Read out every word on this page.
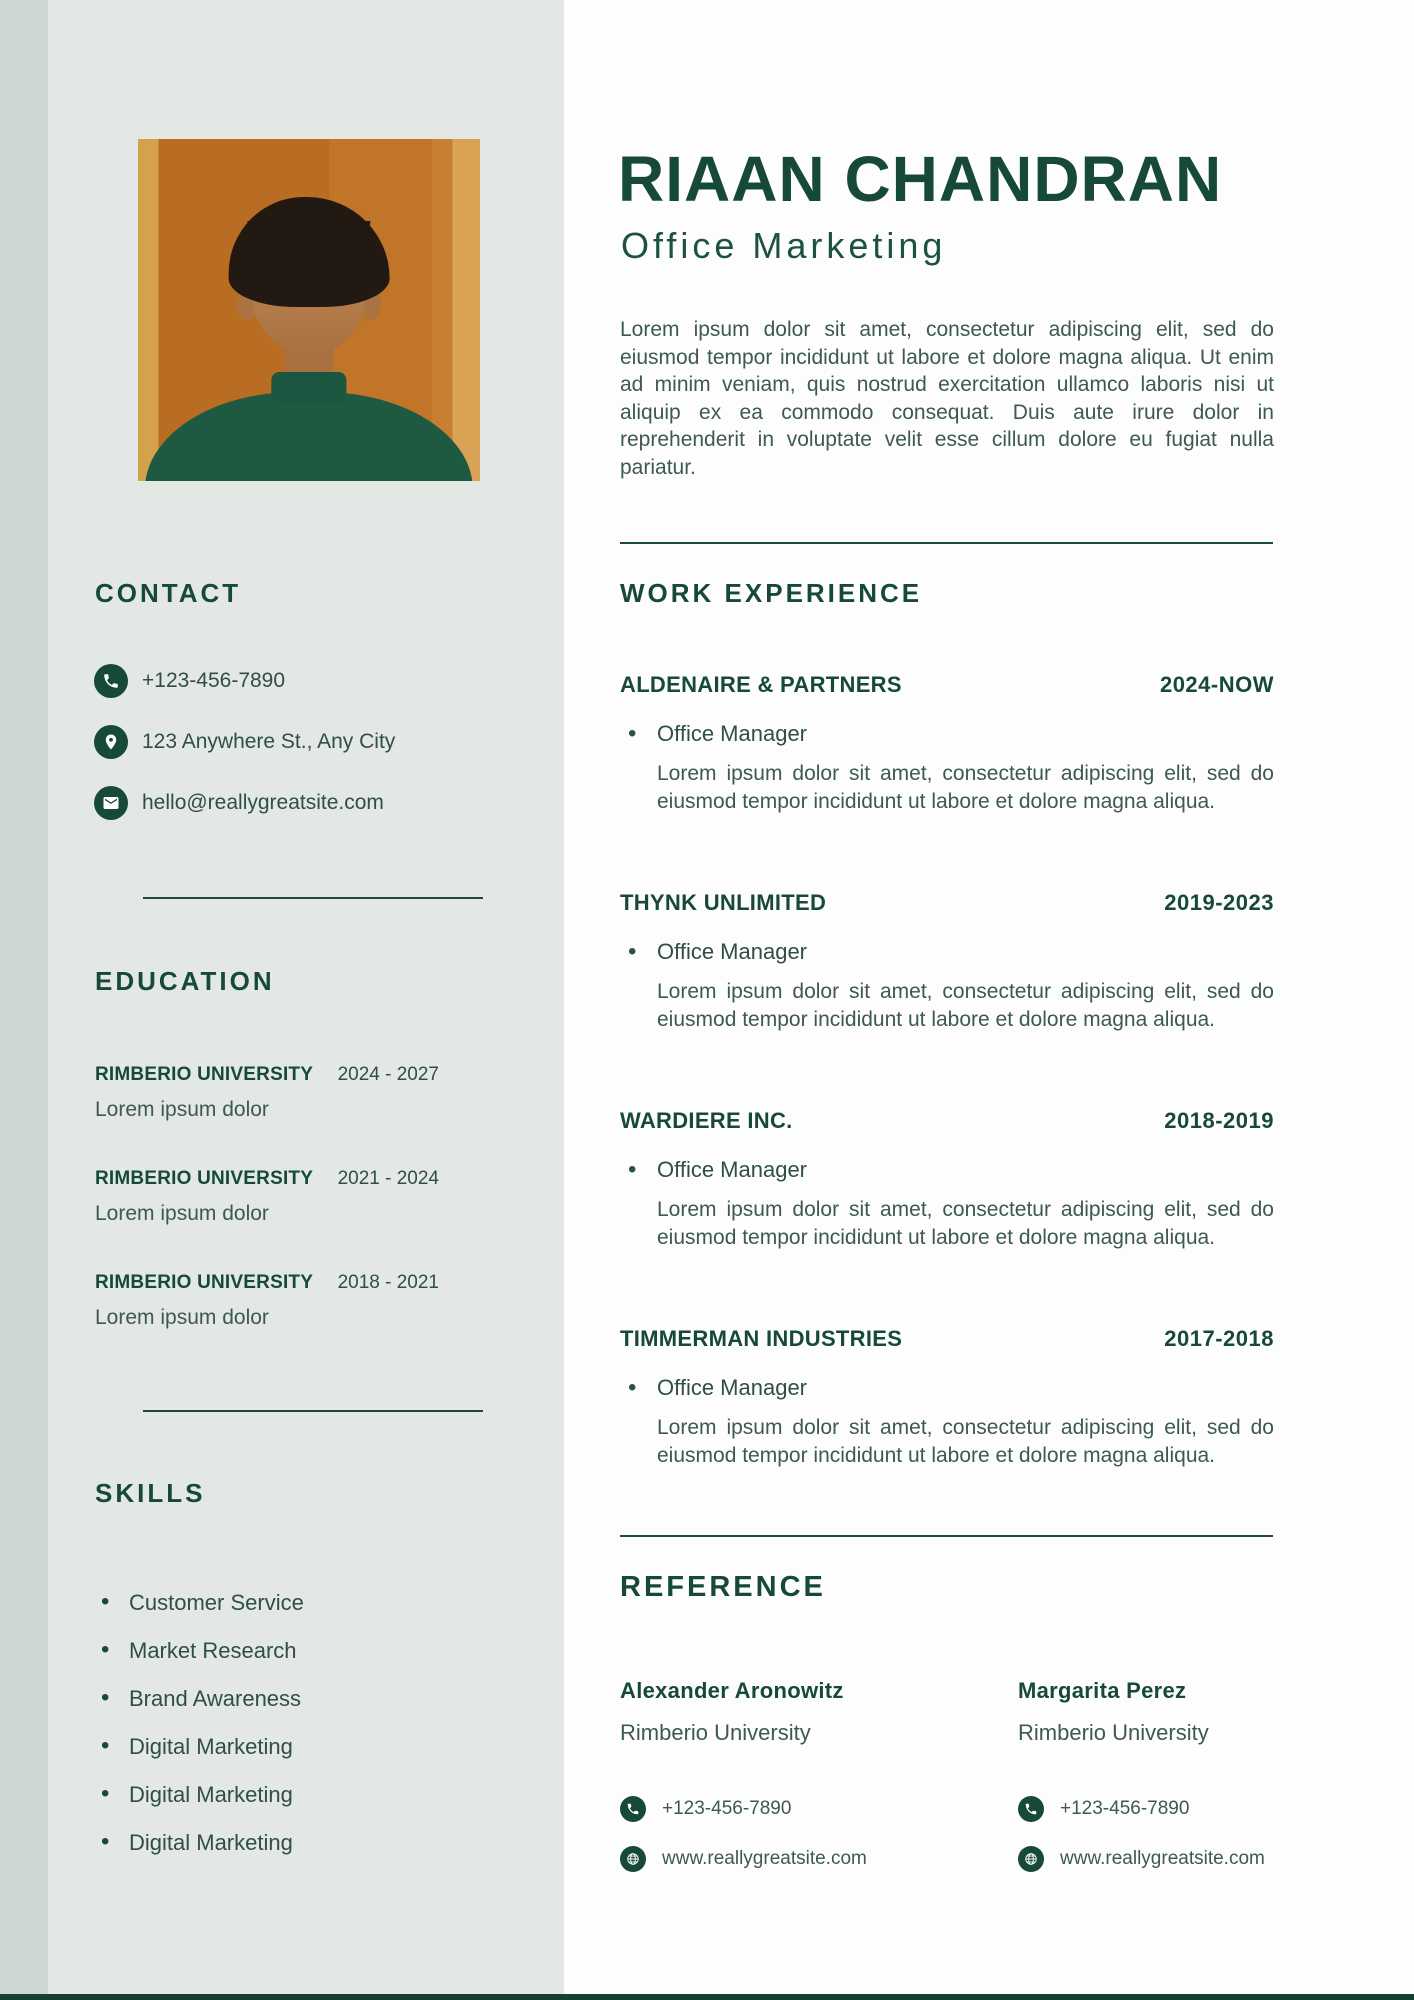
CONTACT
+123-456-7890
123 Anywhere St., Any City
hello@reallygreatsite.com
EDUCATION
RIMBERIO UNIVERSITY 2024 - 2027
Lorem ipsum dolor
RIMBERIO UNIVERSITY 2021 - 2024
Lorem ipsum dolor
RIMBERIO UNIVERSITY 2018 - 2021
Lorem ipsum dolor
SKILLS
• Customer Service
• Market Research
• Brand Awareness
• Digital Marketing
• Digital Marketing
• Digital Marketing
RIAAN CHANDRAN
Office Marketing
Lorem ipsum dolor sit amet, consectetur adipiscing elit, sed do eiusmod tempor incididunt ut labore et dolore magna aliqua. Ut enim ad minim veniam, quis nostrud exercitation ullamco laboris nisi ut aliquip ex ea commodo consequat. Duis aute irure dolor in reprehenderit in voluptate velit esse cillum dolore eu fugiat nulla pariatur.
WORK EXPERIENCE
ALDENAIRE & PARTNERS	2024-NOW
• Office Manager
Lorem ipsum dolor sit amet, consectetur adipiscing elit, sed do eiusmod tempor incididunt ut labore et dolore magna aliqua.
THYNK UNLIMITED	2019-2023
• Office Manager
Lorem ipsum dolor sit amet, consectetur adipiscing elit, sed do eiusmod tempor incididunt ut labore et dolore magna aliqua.
WARDIERE INC.	2018-2019
• Office Manager
Lorem ipsum dolor sit amet, consectetur adipiscing elit, sed do eiusmod tempor incididunt ut labore et dolore magna aliqua.
TIMMERMAN INDUSTRIES	2017-2018
• Office Manager
Lorem ipsum dolor sit amet, consectetur adipiscing elit, sed do eiusmod tempor incididunt ut labore et dolore magna aliqua.
REFERENCE
Alexander Aronowitz
Rimberio University
+123-456-7890
www.reallygreatsite.com
Margarita Perez
Rimberio University
+123-456-7890
www.reallygreatsite.com
